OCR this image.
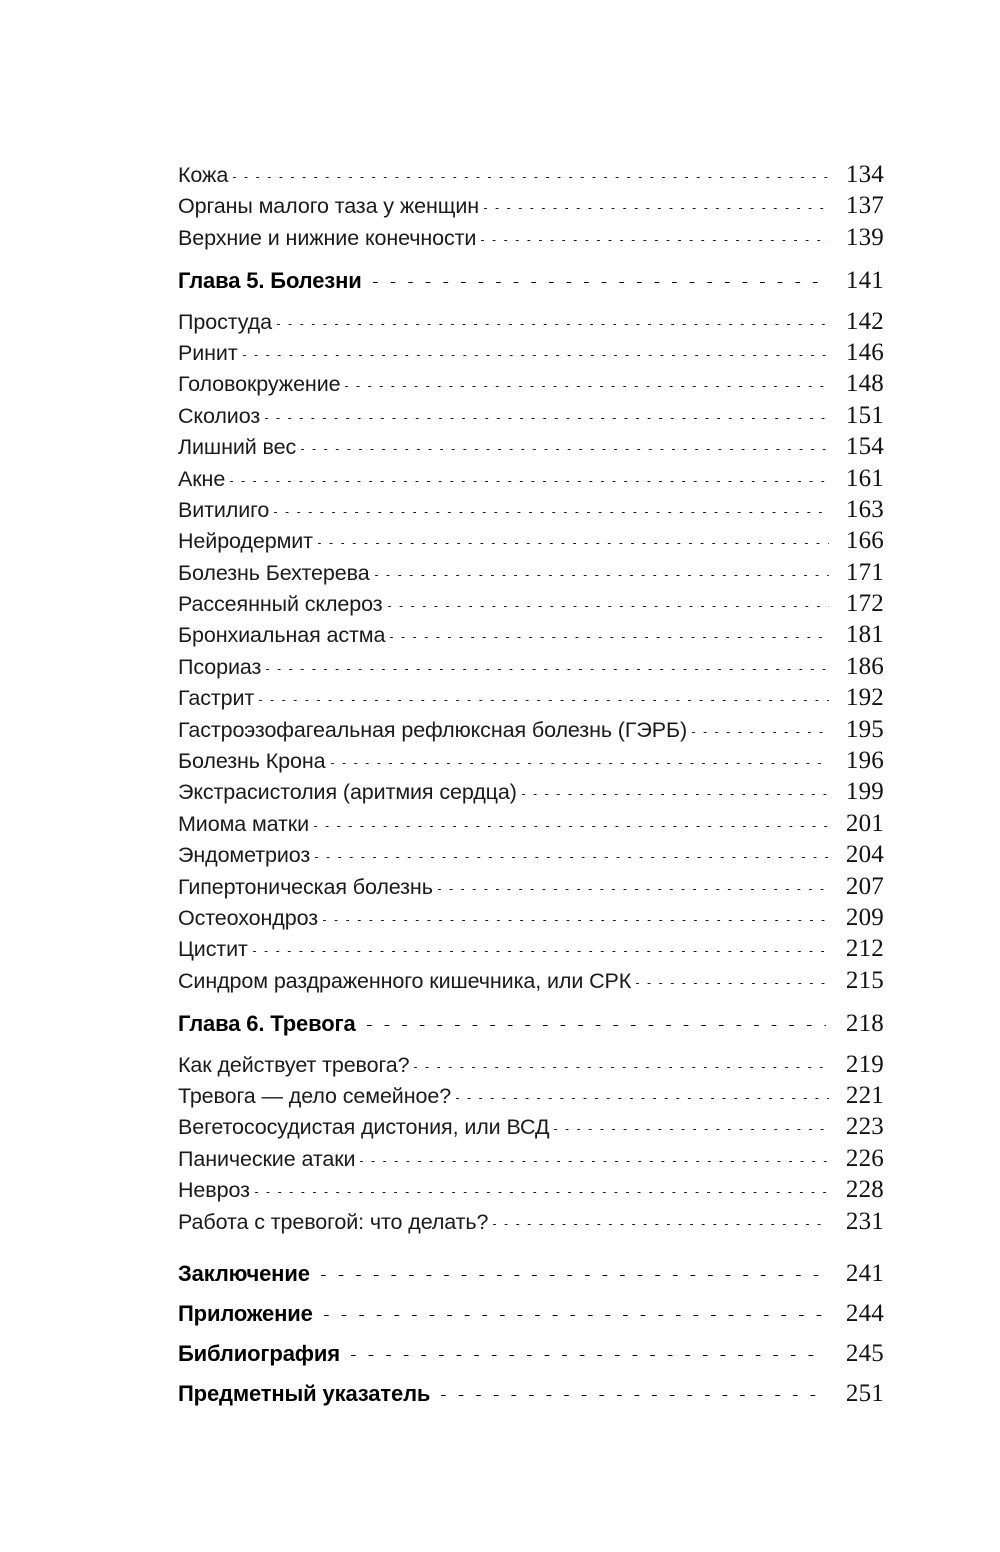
Кожа	134
Органы малого таза у женщин	137
Верхние и нижние конечности	139
Глава 5. Болезни	141
Простуда	142
Ринит	146
Головокружение	148
Сколиоз	151
Лишний вес	154
Акне	161
Витилиго	163
Нейродермит	166
Болезнь Бехтерева	171
Рассеянный склероз	172
Бронхиальная астма	181
Псориаз	186
Гастрит	192
Гастроэзофагеальная рефлюксная болезнь (ГЭРБ)	195
Болезнь Крона	196
Экстрасистолия (аритмия сердца)	199
Миома матки	201
Эндометриоз	204
Гипертоническая болезнь	207
Остеохондроз	209
Цистит	212
Синдром раздраженного кишечника, или СРК	215
Глава 6. Тревога	218
Как действует тревога?	219
Тревога — дело семейное?	221
Вегетососудистая дистония, или ВСД	223
Панические атаки	226
Невроз	228
Работа с тревогой: что делать?	231
Заключение	241
Приложение	244
Библиография	245
Предметный указатель	251
